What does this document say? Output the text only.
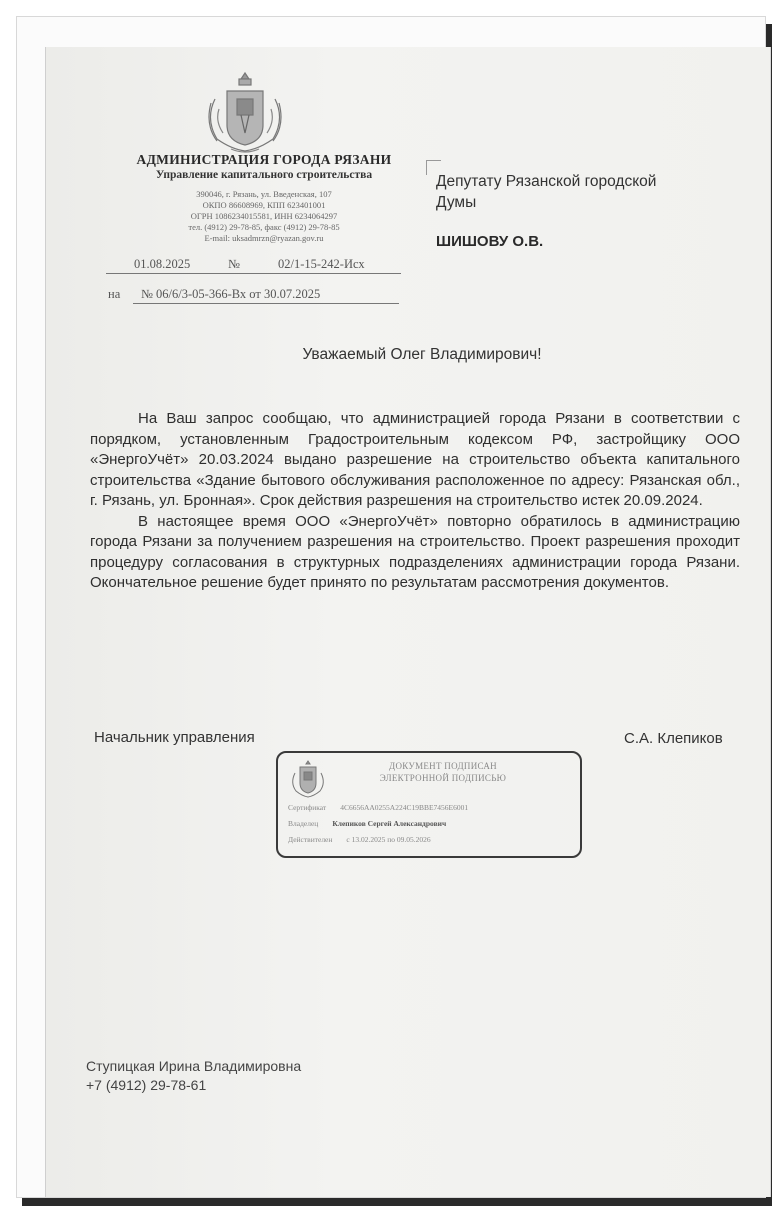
АДМИНИСТРАЦИЯ ГОРОДА РЯЗАНИ
Управление капитального строительства
390046, г. Рязань, ул. Введенская, 107
ОКПО 86608969, КПП 623401001
ОГРН 1086234015581, ИНН 6234064297
тел. (4912) 29-78-85, факс (4912) 29-78-85
E-mail: uksadmrzn@ryazan.gov.ru
01.08.2025	№	02/1-15-242-Исх
на	№ 06/6/3-05-366-Вх от 30.07.2025
Депутату Рязанской городской
Думы
ШИШОВУ О.В.
Уважаемый Олег Владимирович!

На Ваш запрос сообщаю, что администрацией города Рязани в соответствии с порядком, установленным Градостроительным кодексом РФ, застройщику ООО «ЭнергоУчёт» 20.03.2024 выдано разрешение на строительство объекта капитального строительства «Здание бытового обслуживания расположенное по адресу: Рязанская обл., г. Рязань, ул. Бронная». Срок действия разрешения на строительство истек 20.09.2024.

В настоящее время ООО «ЭнергоУчёт» повторно обратилось в администрацию города Рязани за получением разрешения на строительство. Проект разрешения проходит процедуру согласования в структурных подразделениях администрации города Рязани. Окончательное решение будет принято по результатам рассмотрения документов.

Начальник управления	С.А. Клепиков
ДОКУМЕНТ ПОДПИСАН
ЭЛЕКТРОННОЙ ПОДПИСЬЮ
Сертификат 4C6656AA0255A224C19BBE7456E6001
Владелец Клепиков Сергей Александрович
Действителен с 13.02.2025 по 09.05.2026
Ступицкая Ирина Владимировна
+7 (4912) 29-78-61
